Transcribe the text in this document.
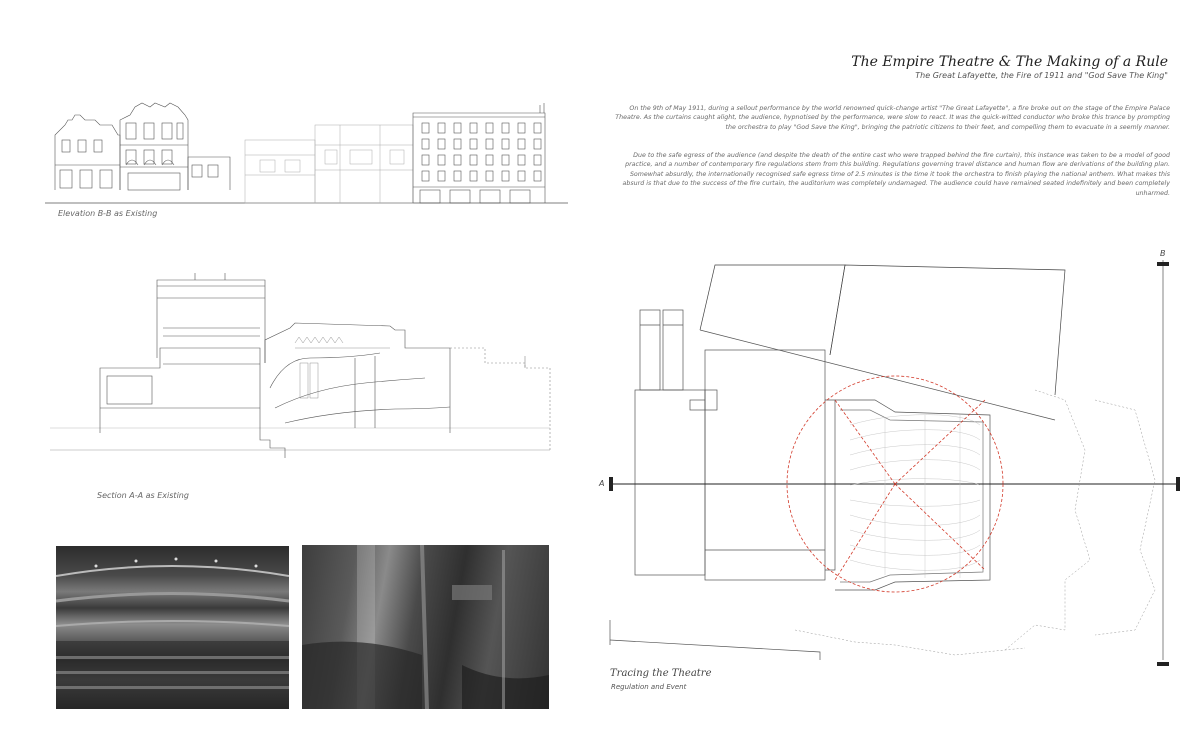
The Empire Theatre & The Making of a Rule
The Great Lafayette, the Fire of 1911 and "God Save The King"

On the 9th of May 1911, during a sellout performance by the world renowned quick-change artist "The Great Lafayette", a fire broke out on the stage of the Empire Palace Theatre. As the curtains caught alight, the audience, hypnotised by the performance, were slow to react. It was the quick-witted conductor who broke this trance by prompting the orchestra to play "God Save the King", bringing the patriotic citizens to their feet, and compelling them to evacuate in a seemly manner.

Due to the safe egress of the audience (and despite the death of the entire cast who were trapped behind the fire curtain), this instance was taken to be a model of good practice, and a number of contemporary fire regulations stem from this building. Regulations governing travel distance and human flow are derivations of the building plan. Somewhat absurdly, the internationally recognised safe egress time of 2.5 minutes is the time it took the orchestra to finish playing the national anthem. What makes this absurd is that due to the success of the fire curtain, the auditorium was completely undamaged. The audience could have remained seated indefinitely and been completely unharmed.

Elevation B-B as Existing
Section A-A as Existing
A
B
Tracing the Theatre
Regulation and Event
